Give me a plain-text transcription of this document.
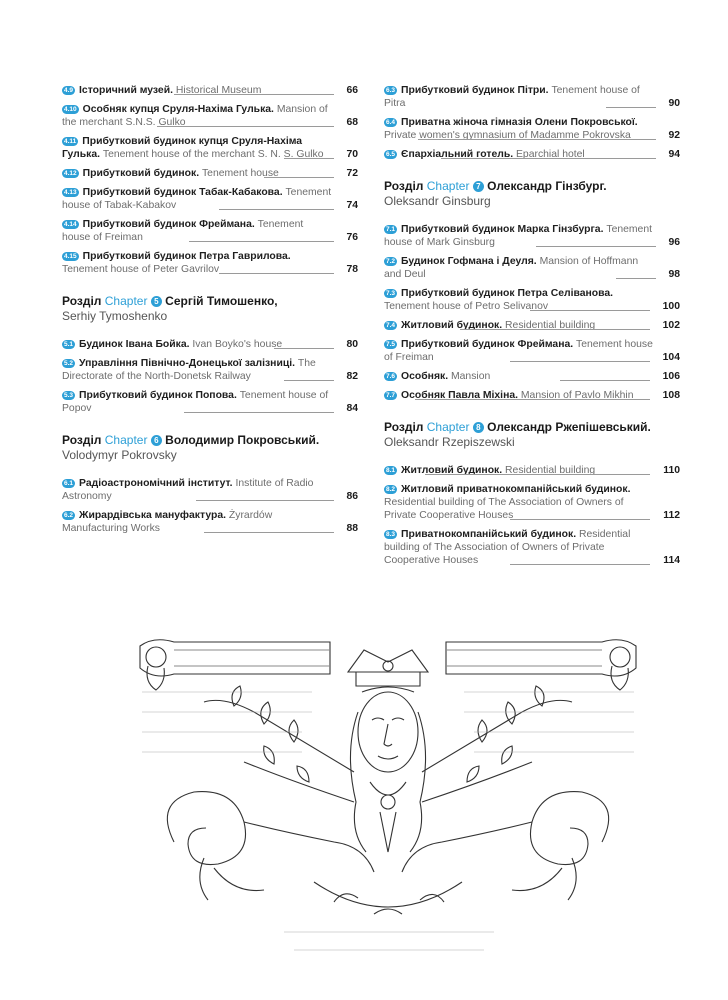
4.9 Історичний музей. Historical Museum	66
4.10 Особняк купця Сруля-Нахіма Гулька. Mansion of the merchant S.N.S. Gulko	68
4.11 Прибутковий будинок купця Сруля-Нахіма Гулька. Tenement house of the merchant S. N. S. Gulko	70
4.12 Прибутковий будинок. Tenement house	72
4.13 Прибутковий будинок Табак-Кабакова. Tenement house of Tabak-Kabakov	74
4.14 Прибутковий будинок Фреймана. Tenement house of Freiman	76
4.15 Прибутковий будинок Петра Гаврилова. Tenement house of Peter Gavrilov	78
Розділ Chapter 5 Сергій Тимошенко,
Serhiy Tymoshenko
5.1 Будинок Івана Бойка. Ivan Boyko's house	80
5.2 Управління Північно-Донецької залізниці. The Directorate of the North-Donetsk Railway	82
5.3 Прибутковий будинок Попова. Tenement house of Popov	84
Розділ Chapter 6 Володимир Покровський.
Volodymyr Pokrovsky
6.1 Радіоастрономічний інститут. Institute of Radio Astronomy	86
6.2 Жирардівська мануфактура. Żyrardów Manufacturing Works	88
6.3 Прибутковий будинок Пітри. Tenement house of Pitra	90
6.4 Приватна жіноча гімназія Олени Покровської. Private women's gymnasium of Madamme Pokrovska	92
6.5 Єпархіальний готель. Eparchial hotel	94
Розділ Chapter 7 Олександр Гінзбург.
Oleksandr Ginsburg
7.1 Прибутковий будинок Марка Гінзбурга. Tenement house of Mark Ginsburg	96
7.2 Будинок Гофмана і Деуля. Mansion of Hoffmann and Deul	98
7.3 Прибутковий будинок Петра Селіванова. Tenement house of Petro Selivanov	100
7.4 Житловий будинок. Residential building	102
7.5 Прибутковий будинок Фреймана. Tenement house of Freiman	104
7.6 Особняк. Mansion	106
7.7 Особняк Павла Міхіна. Mansion of Pavlo Mikhin	108
Розділ Chapter 8 Олександр Ржепішевський.
Oleksandr Rzepiszewski
8.1 Житловий будинок. Residential building	110
8.2 Житловий приватнокомпанійський будинок. Residential building of The Association of Owners of Private Cooperative Houses	112
8.3 Приватнокомпанійський будинок. Residential building of The Association of Owners of Private Cooperative Houses	114
